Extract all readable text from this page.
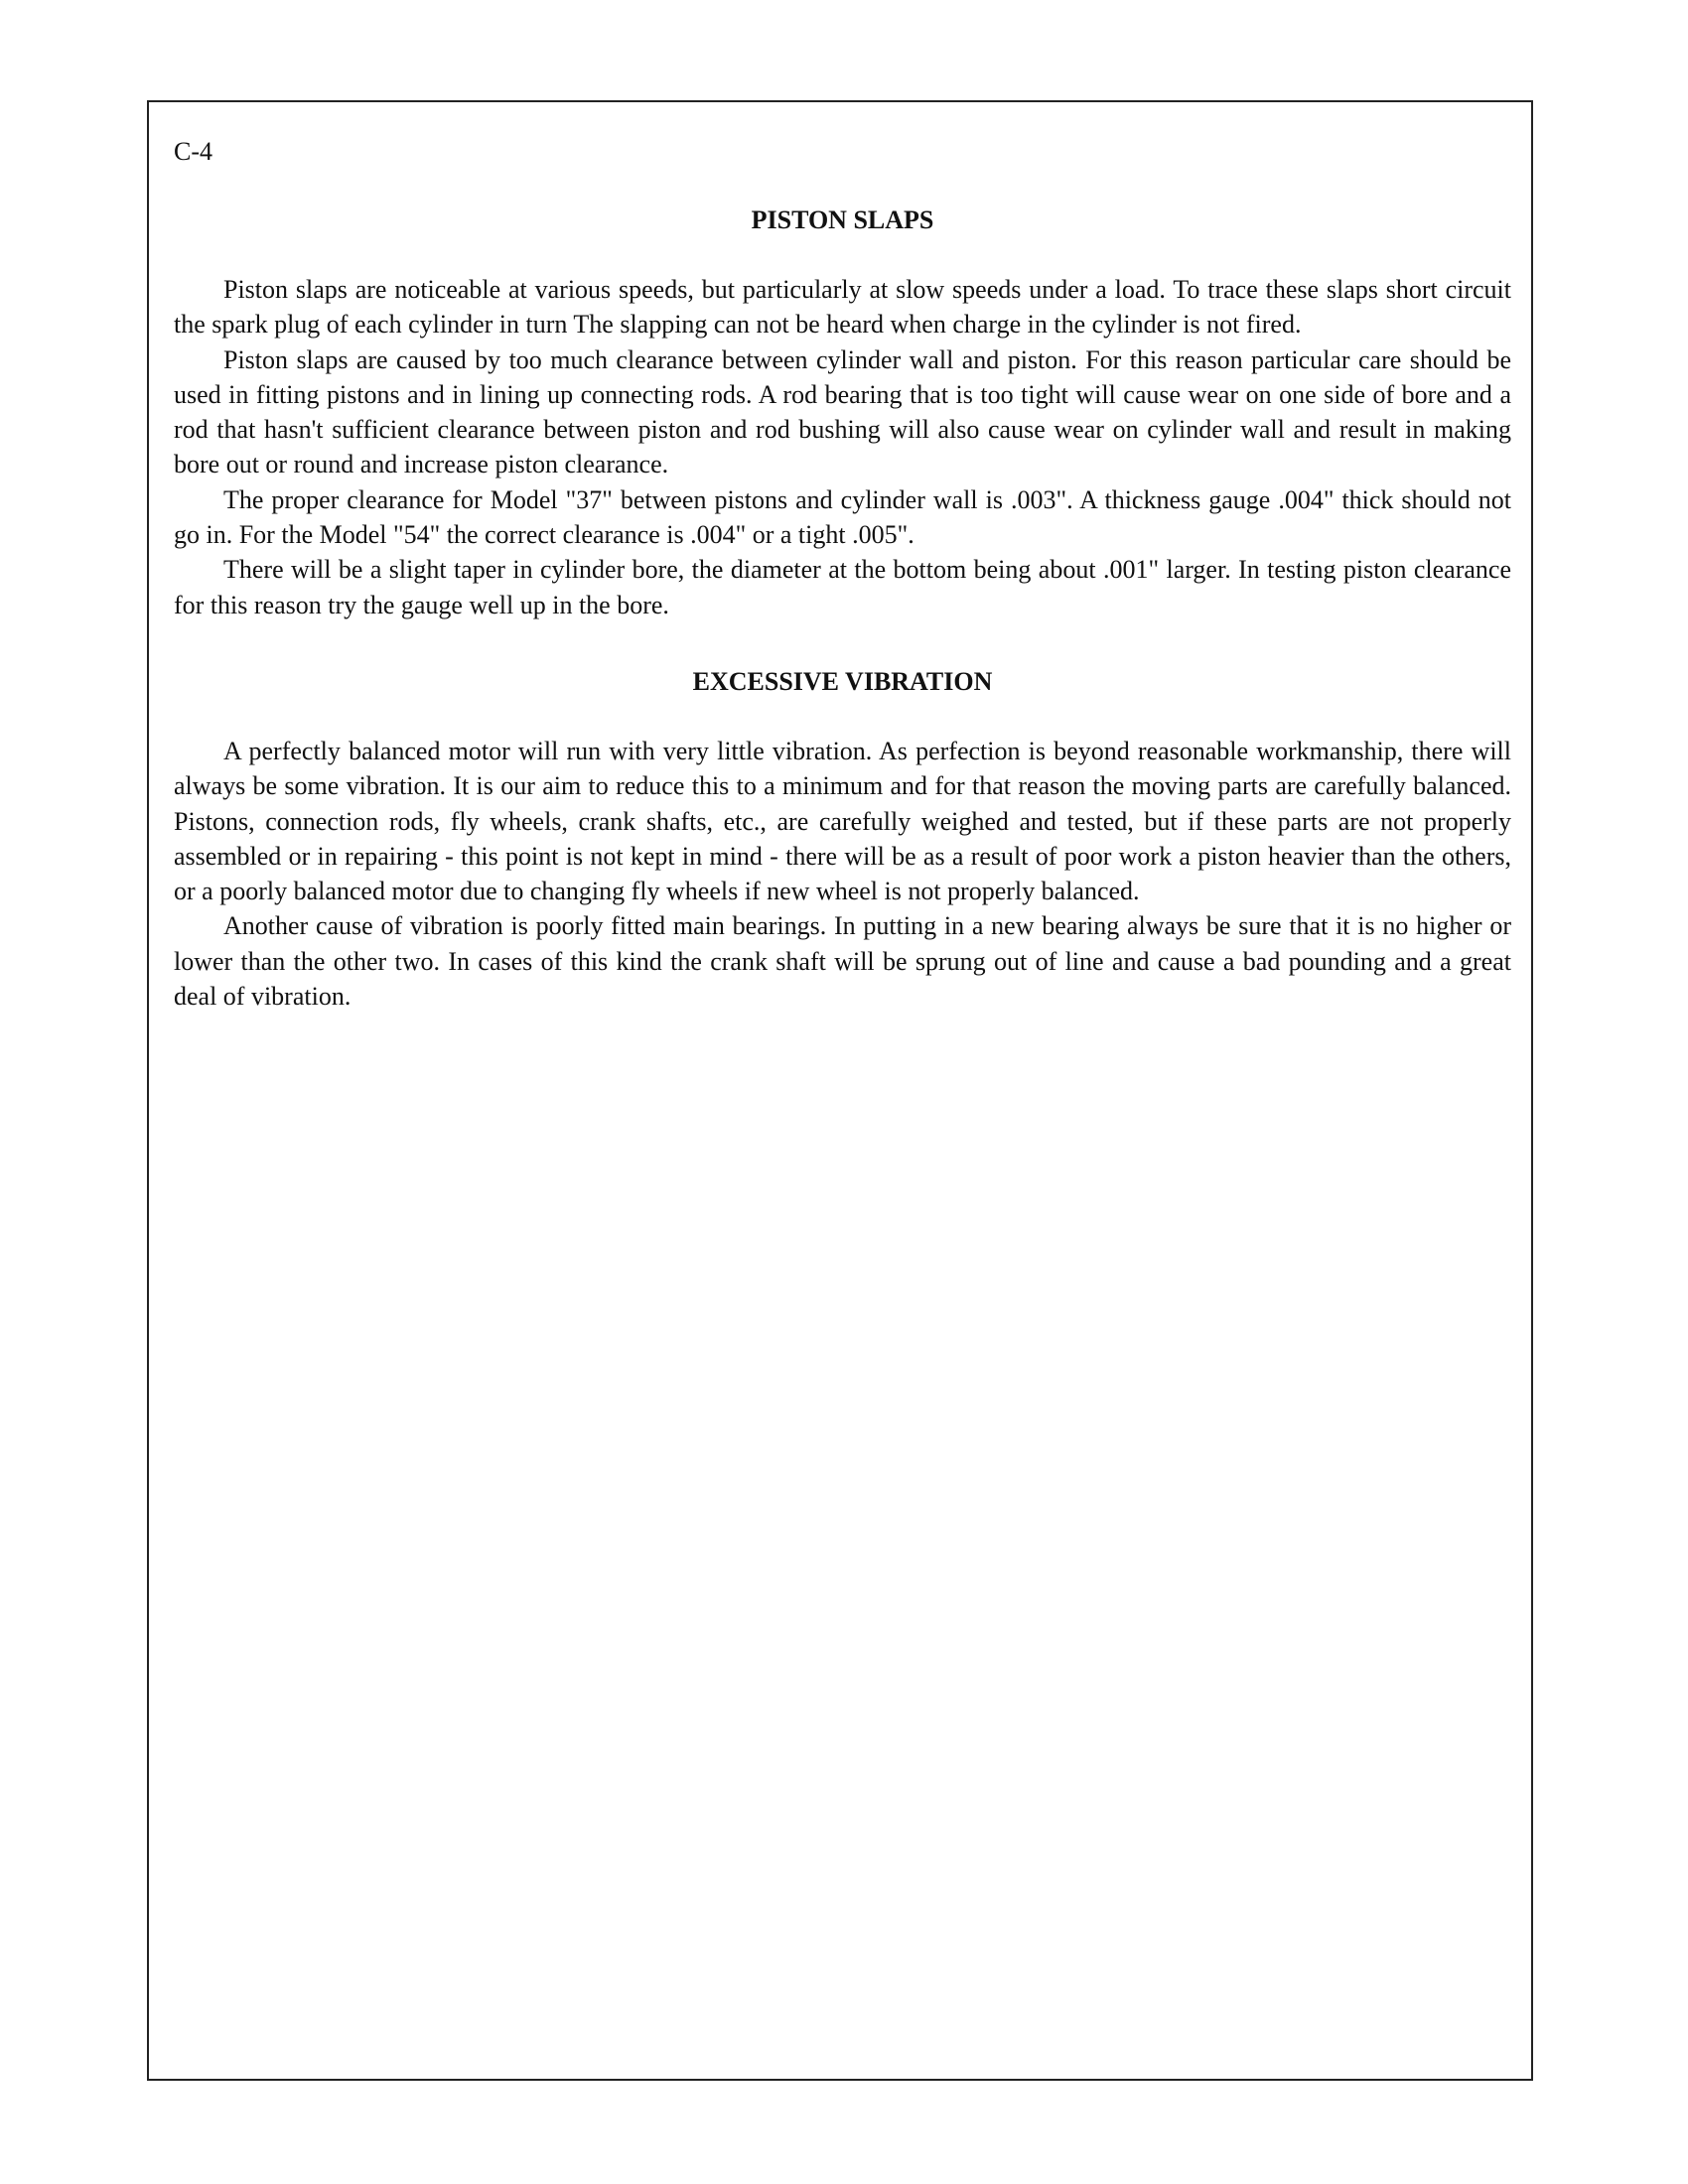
C-4
PISTON SLAPS

Piston slaps are noticeable at various speeds, but particularly at slow speeds under a load. To trace these slaps short circuit the spark plug of each cylinder in turn The slapping can not be heard when charge in the cylinder is not fired.

Piston slaps are caused by too much clearance between cylinder wall and piston. For this reason particular care should be used in fitting pistons and in lining up connecting rods. A rod bearing that is too tight will cause wear on one side of bore and a rod that hasn't sufficient clearance between piston and rod bushing will also cause wear on cylinder wall and result in making bore out or round and increase piston clearance.

The proper clearance for Model "37" between pistons and cylinder wall is .003". A thickness gauge .004" thick should not go in. For the Model "54" the correct clearance is .004" or a tight .005".

There will be a slight taper in cylinder bore, the diameter at the bottom being about .001" larger. In testing piston clearance for this reason try the gauge well up in the bore.

EXCESSIVE VIBRATION

A perfectly balanced motor will run with very little vibration. As perfection is beyond reasonable workmanship, there will always be some vibration. It is our aim to reduce this to a minimum and for that reason the moving parts are carefully balanced. Pistons, connection rods, fly wheels, crank shafts, etc., are carefully weighed and tested, but if these parts are not properly assembled or in repairing - this point is not kept in mind - there will be as a result of poor work a piston heavier than the others, or a poorly balanced motor due to changing fly wheels if new wheel is not properly balanced.

Another cause of vibration is poorly fitted main bearings. In putting in a new bearing always be sure that it is no higher or lower than the other two. In cases of this kind the crank shaft will be sprung out of line and cause a bad pounding and a great deal of vibration.
